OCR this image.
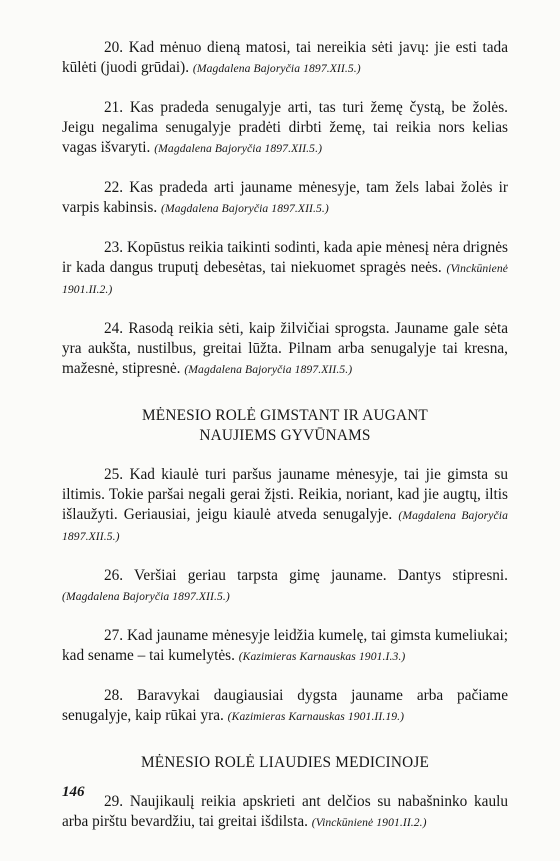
20. Kad mėnuo dieną matosi, tai nereikia sėti javų: jie esti tada kūlėti (juodi grūdai). (Magdalena Bajoryčia 1897.XII.5.)

21. Kas pradeda senugalyje arti, tas turi žemę čystą, be žolės. Jeigu negalima senugalyje pradėti dirbti žemę, tai reikia nors kelias vagas išvaryti. (Magdalena Bajoryčia 1897.XII.5.)

22. Kas pradeda arti jauname mėnesyje, tam žels labai žolės ir varpis kabinsis. (Magdalena Bajoryčia 1897.XII.5.)

23. Kopūstus reikia taikinti sodinti, kada apie mėnesį nėra drignės ir kada dangus truputį debesėtas, tai niekuomet spragės neės. (Vinckūnienė 1901.II.2.)

24. Rasodą reikia sėti, kaip žilvičiai sprogsta. Jauname gale sėta yra aukšta, nustilbus, greitai lūžta. Pilnam arba senugalyje tai kresna, mažesnė, stipresnė. (Magdalena Bajoryčia 1897.XII.5.)

MĖNESIO ROLĖ GIMSTANT IR AUGANT
NAUJIEMS GYVŪNAMS

25. Kad kiaulė turi paršus jauname mėnesyje, tai jie gimsta su iltimis. Tokie paršai negali gerai žįsti. Reikia, noriant, kad jie augtų, iltis išlaužyti. Geriausiai, jeigu kiaulė atveda senugalyje. (Magdalena Bajoryčia 1897.XII.5.)

26. Veršiai geriau tarpsta gimę jauname. Dantys stipresni. (Magdalena Bajoryčia 1897.XII.5.)

27. Kad jauname mėnesyje leidžia kumelę, tai gimsta kumeliukai; kad sename – tai kumelytės. (Kazimieras Karnauskas 1901.I.3.)

28. Baravykai daugiausiai dygsta jauname arba pačiame senugalyje, kaip rūkai yra. (Kazimieras Karnauskas 1901.II.19.)

MĖNESIO ROLĖ LIAUDIES MEDICINOJE

29. Naujikaulį reikia apskrieti ant delčios su nabašninko kaulu arba pirštu bevardžiu, tai greitai išdilsta. (Vinckūnienė 1901.II.2.)

146
